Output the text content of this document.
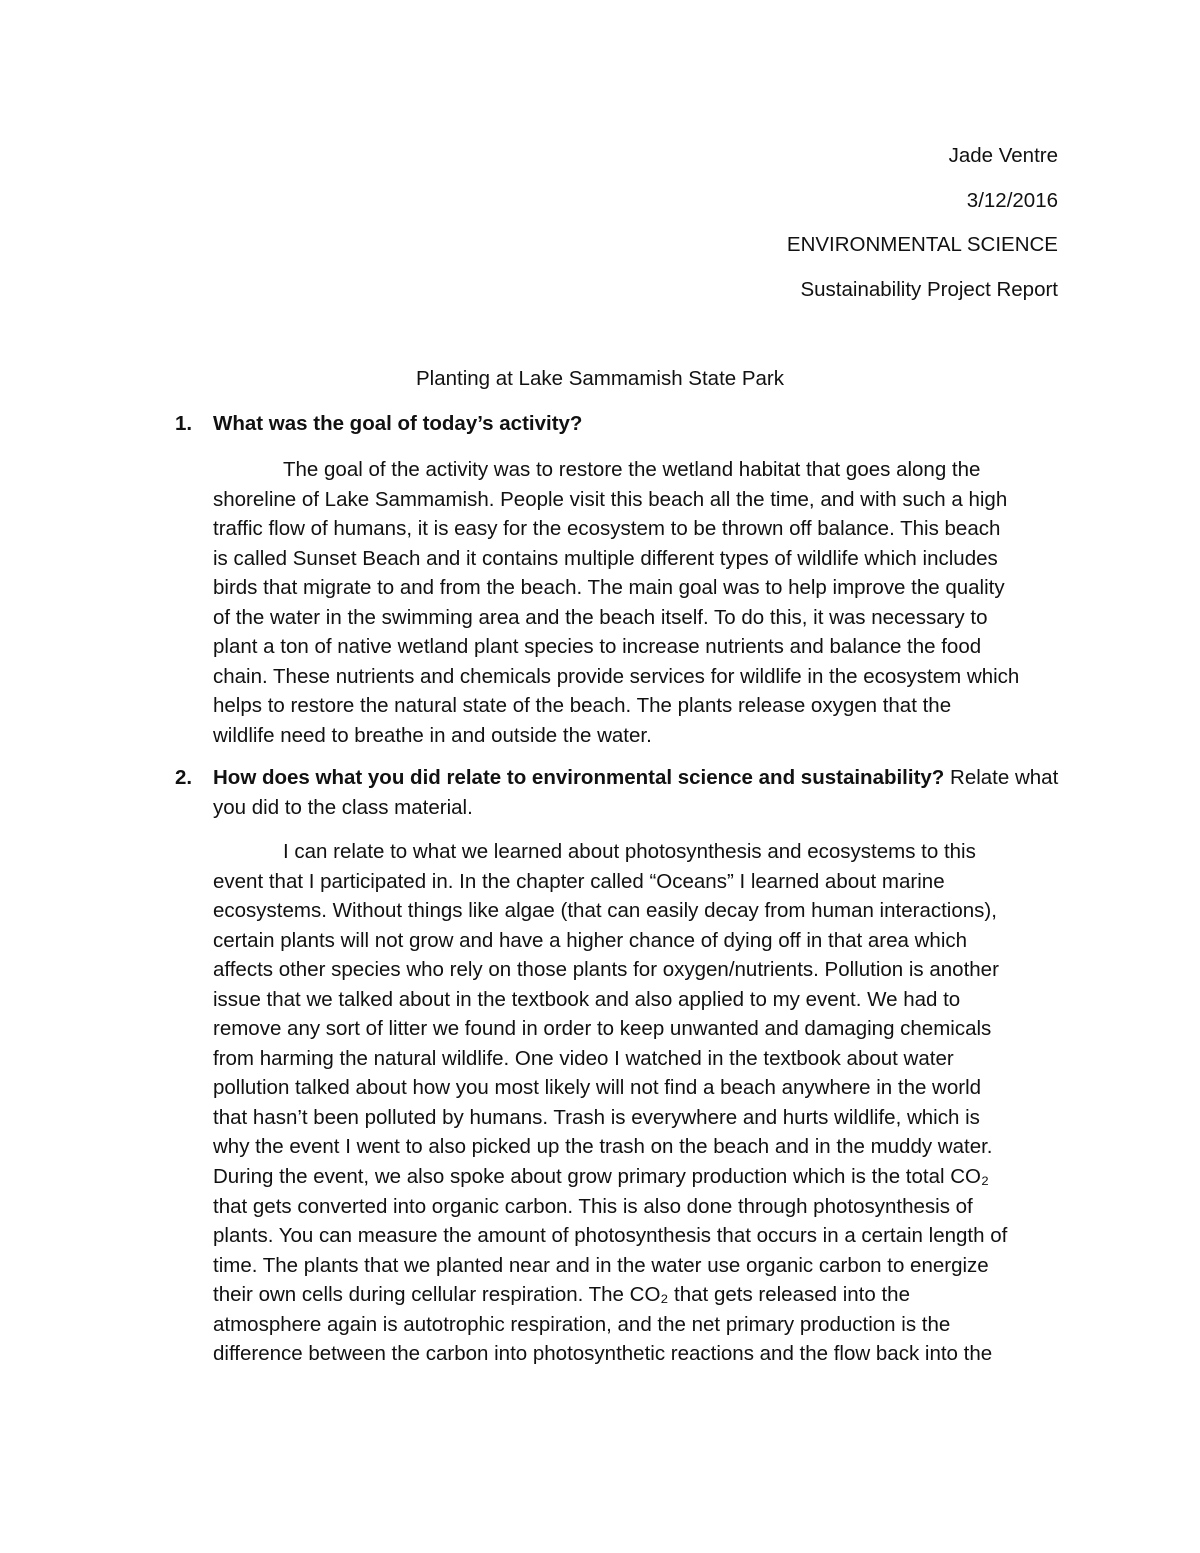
Jade Ventre
3/12/2016
ENVIRONMENTAL SCIENCE
Sustainability Project Report
Planting at Lake Sammamish State Park
1. What was the goal of today’s activity?
The goal of the activity was to restore the wetland habitat that goes along the
shoreline of Lake Sammamish. People visit this beach all the time, and with such a high
traffic flow of humans, it is easy for the ecosystem to be thrown off balance. This beach
is called Sunset Beach and it contains multiple different types of wildlife which includes
birds that migrate to and from the beach. The main goal was to help improve the quality
of the water in the swimming area and the beach itself. To do this, it was necessary to
plant a ton of native wetland plant species to increase nutrients and balance the food
chain. These nutrients and chemicals provide services for wildlife in the ecosystem which
helps to restore the natural state of the beach. The plants release oxygen that the
wildlife need to breathe in and outside the water.
2. How does what you did relate to environmental science and sustainability? Relate what you did to the class material.
I can relate to what we learned about photosynthesis and ecosystems to this
event that I participated in. In the chapter called “Oceans” I learned about marine
ecosystems. Without things like algae (that can easily decay from human interactions),
certain plants will not grow and have a higher chance of dying off in that area which
affects other species who rely on those plants for oxygen/nutrients. Pollution is another
issue that we talked about in the textbook and also applied to my event. We had to
remove any sort of litter we found in order to keep unwanted and damaging chemicals
from harming the natural wildlife. One video I watched in the textbook about water
pollution talked about how you most likely will not find a beach anywhere in the world
that hasn’t been polluted by humans. Trash is everywhere and hurts wildlife, which is
why the event I went to also picked up the trash on the beach and in the muddy water.
During the event, we also spoke about grow primary production which is the total CO₂
that gets converted into organic carbon. This is also done through photosynthesis of
plants. You can measure the amount of photosynthesis that occurs in a certain length of
time. The plants that we planted near and in the water use organic carbon to energize
their own cells during cellular respiration. The CO₂ that gets released into the
atmosphere again is autotrophic respiration, and the net primary production is the
difference between the carbon into photosynthetic reactions and the flow back into the
